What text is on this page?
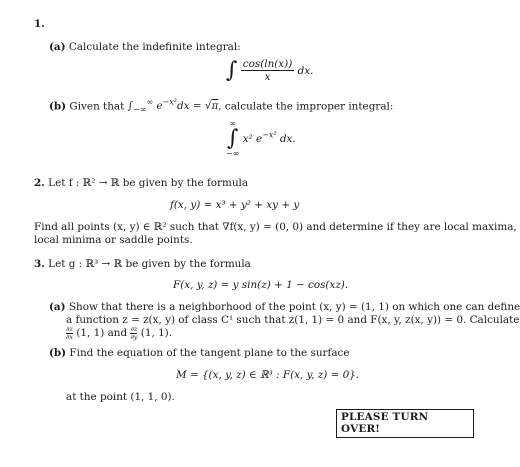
1.
(a) Calculate the indefinite integral:
∫ $\frac{\cos(\ln(x))}{x}$ dx.
(b) Given that $\int_{-\infty}^\infty$ $e^{-x^2}dx = √\pi$, calculate the improper integral:
∞
∫
−∞
x² $e^{-x^2}$ dx.
2. Let f : ℝ² → ℝ be given by the formula
f(x, y) = x³ + y² + xy + y
Find all points (x, y) ∈ ℝ² such that ∇f(x, y) = (0, 0) and determine if they are local maxima,
local minima or saddle points.
3. Let g : ℝ³ → ℝ be given by the formula
F(x, y, z) = y sin(z) + 1 − cos(xz).
(a) Show that there is a neighborhood of the point (x, y) = (1, 1) on which one can define
a function z = z(x, y) of class C¹ such that z(1, 1) = 0 and F(x, y, z(x, y)) = 0. Calculate
$\frac{\partial z}{\partial x} (1$, 1) and $\frac{\partial z}{\partial y} (1$, 1).
(b) Find the equation of the tangent plane to the surface
M = {(x, y, z) ∈ ℝ³ : F(x, y, z) = 0}.
at the point (1, 1, 0).
PLEASE TURN OVER!
